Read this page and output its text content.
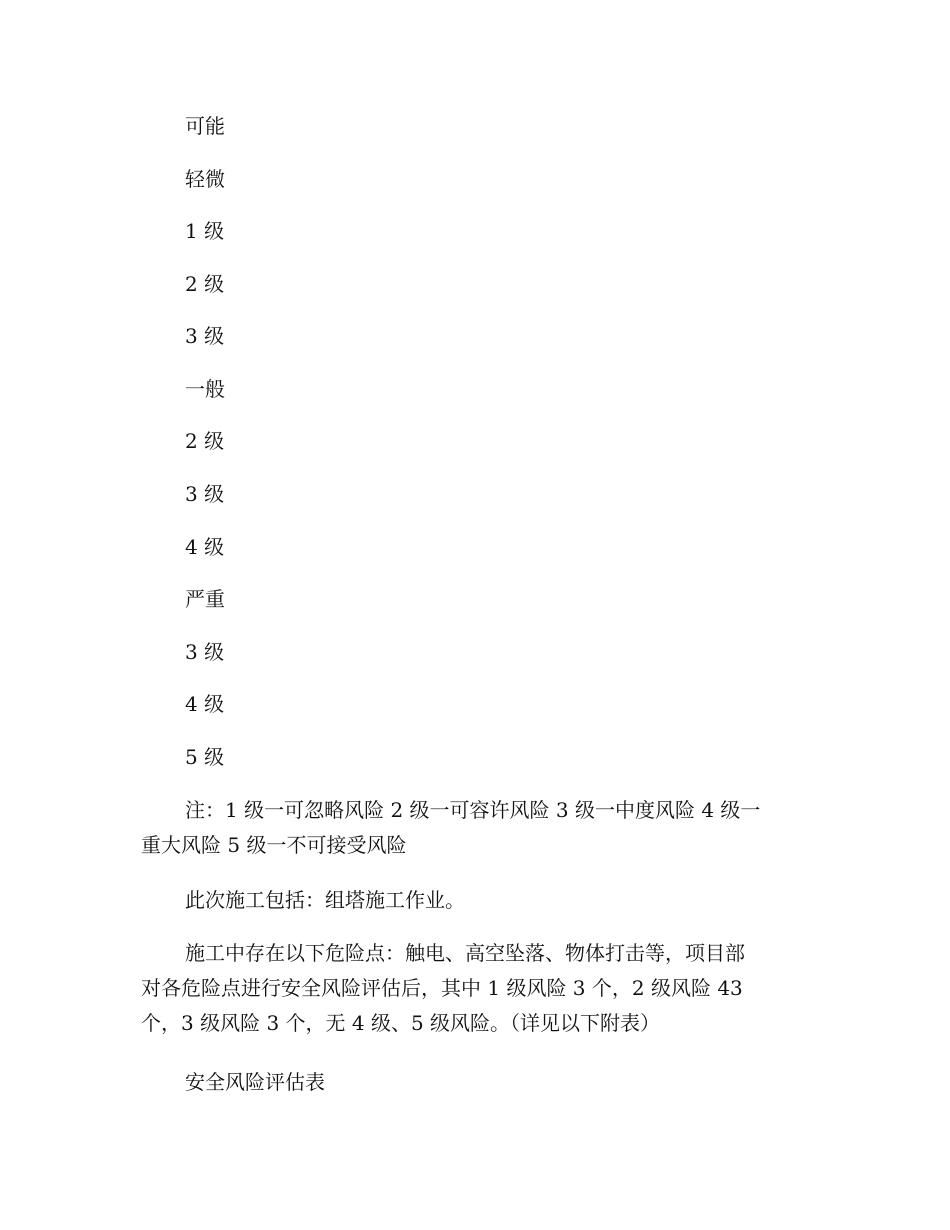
可能
轻微
1 级
2 级
3 级
一般
2 级
3 级
4 级
严重
3 级
4 级
5 级
注：1 级一可忽略风险 2 级一可容许风险 3 级一中度风险 4 级一
重大风险 5 级一不可接受风险
此次施工包括：组塔施工作业。
施工中存在以下危险点：触电、高空坠落、物体打击等，项目部
对各危险点进行安全风险评估后，其中 1 级风险 3 个，2 级风险 43
个，3 级风险 3 个，无 4 级、5 级风险。（详见以下附表）
安全风险评估表
